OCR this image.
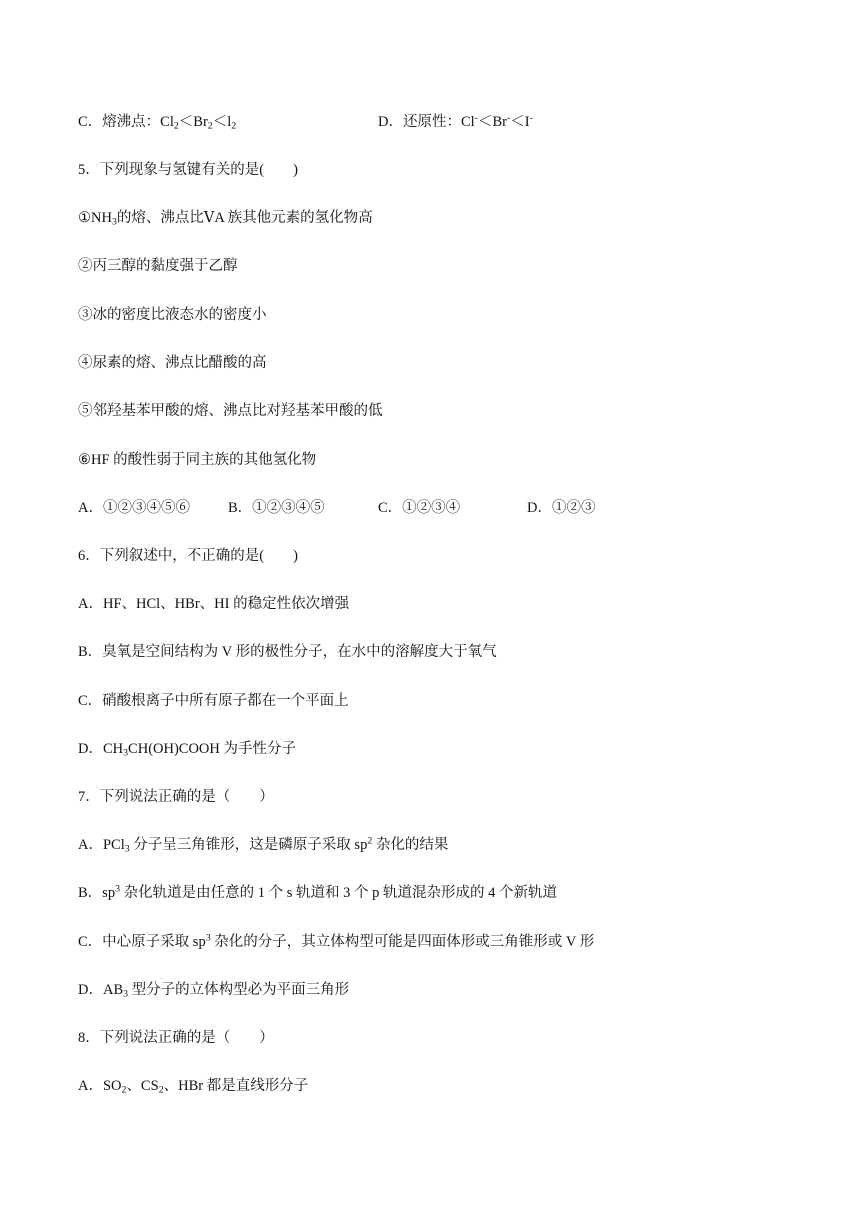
C．熔沸点：$Cl_2<Br_2<l_2$	D．还原性：Cl-＜Br-＜I-
5．下列现象与氢键有关的是(　　)
$①NH_3$的熔、沸点比ⅤA 族其他元素的氢化物高
②丙三醇的黏度强于乙醇
③冰的密度比液态水的密度小
④尿素的熔、沸点比醋酸的高
⑤邻羟基苯甲酸的熔、沸点比对羟基苯甲酸的低
⑥HF 的酸性弱于同主族的其他氢化物
A．①②③④⑤⑥	B．①②③④⑤	C．①②③④	D．①②③
6．下列叙述中，不正确的是(　　)
A．HF、HCl、HBr、HI 的稳定性依次增强
B．臭氧是空间结构为 V 形的极性分子，在水中的溶解度大于氧气
C．硝酸根离子中所有原子都在一个平面上
D．$CH_3CH(OH)COOH$ 为手性分子
7．下列说法正确的是（　　）
A．PCl$_3$ 分子呈三角锥形，这是磷原子采取 $sp^2$ 杂化的结果
B．$sp^3$ 杂化轨道是由任意的 1 个 s 轨道和 3 个 p 轨道混杂形成的 4 个新轨道
C．中心原子采取 $sp^3$ 杂化的分子，其立体构型可能是四面体形或三角锥形或 V 形
D．$AB_3$ 型分子的立体构型必为平面三角形
8．下列说法正确的是（　　）
A．$SO_2$、$CS_2$、HBr 都是直线形分子
